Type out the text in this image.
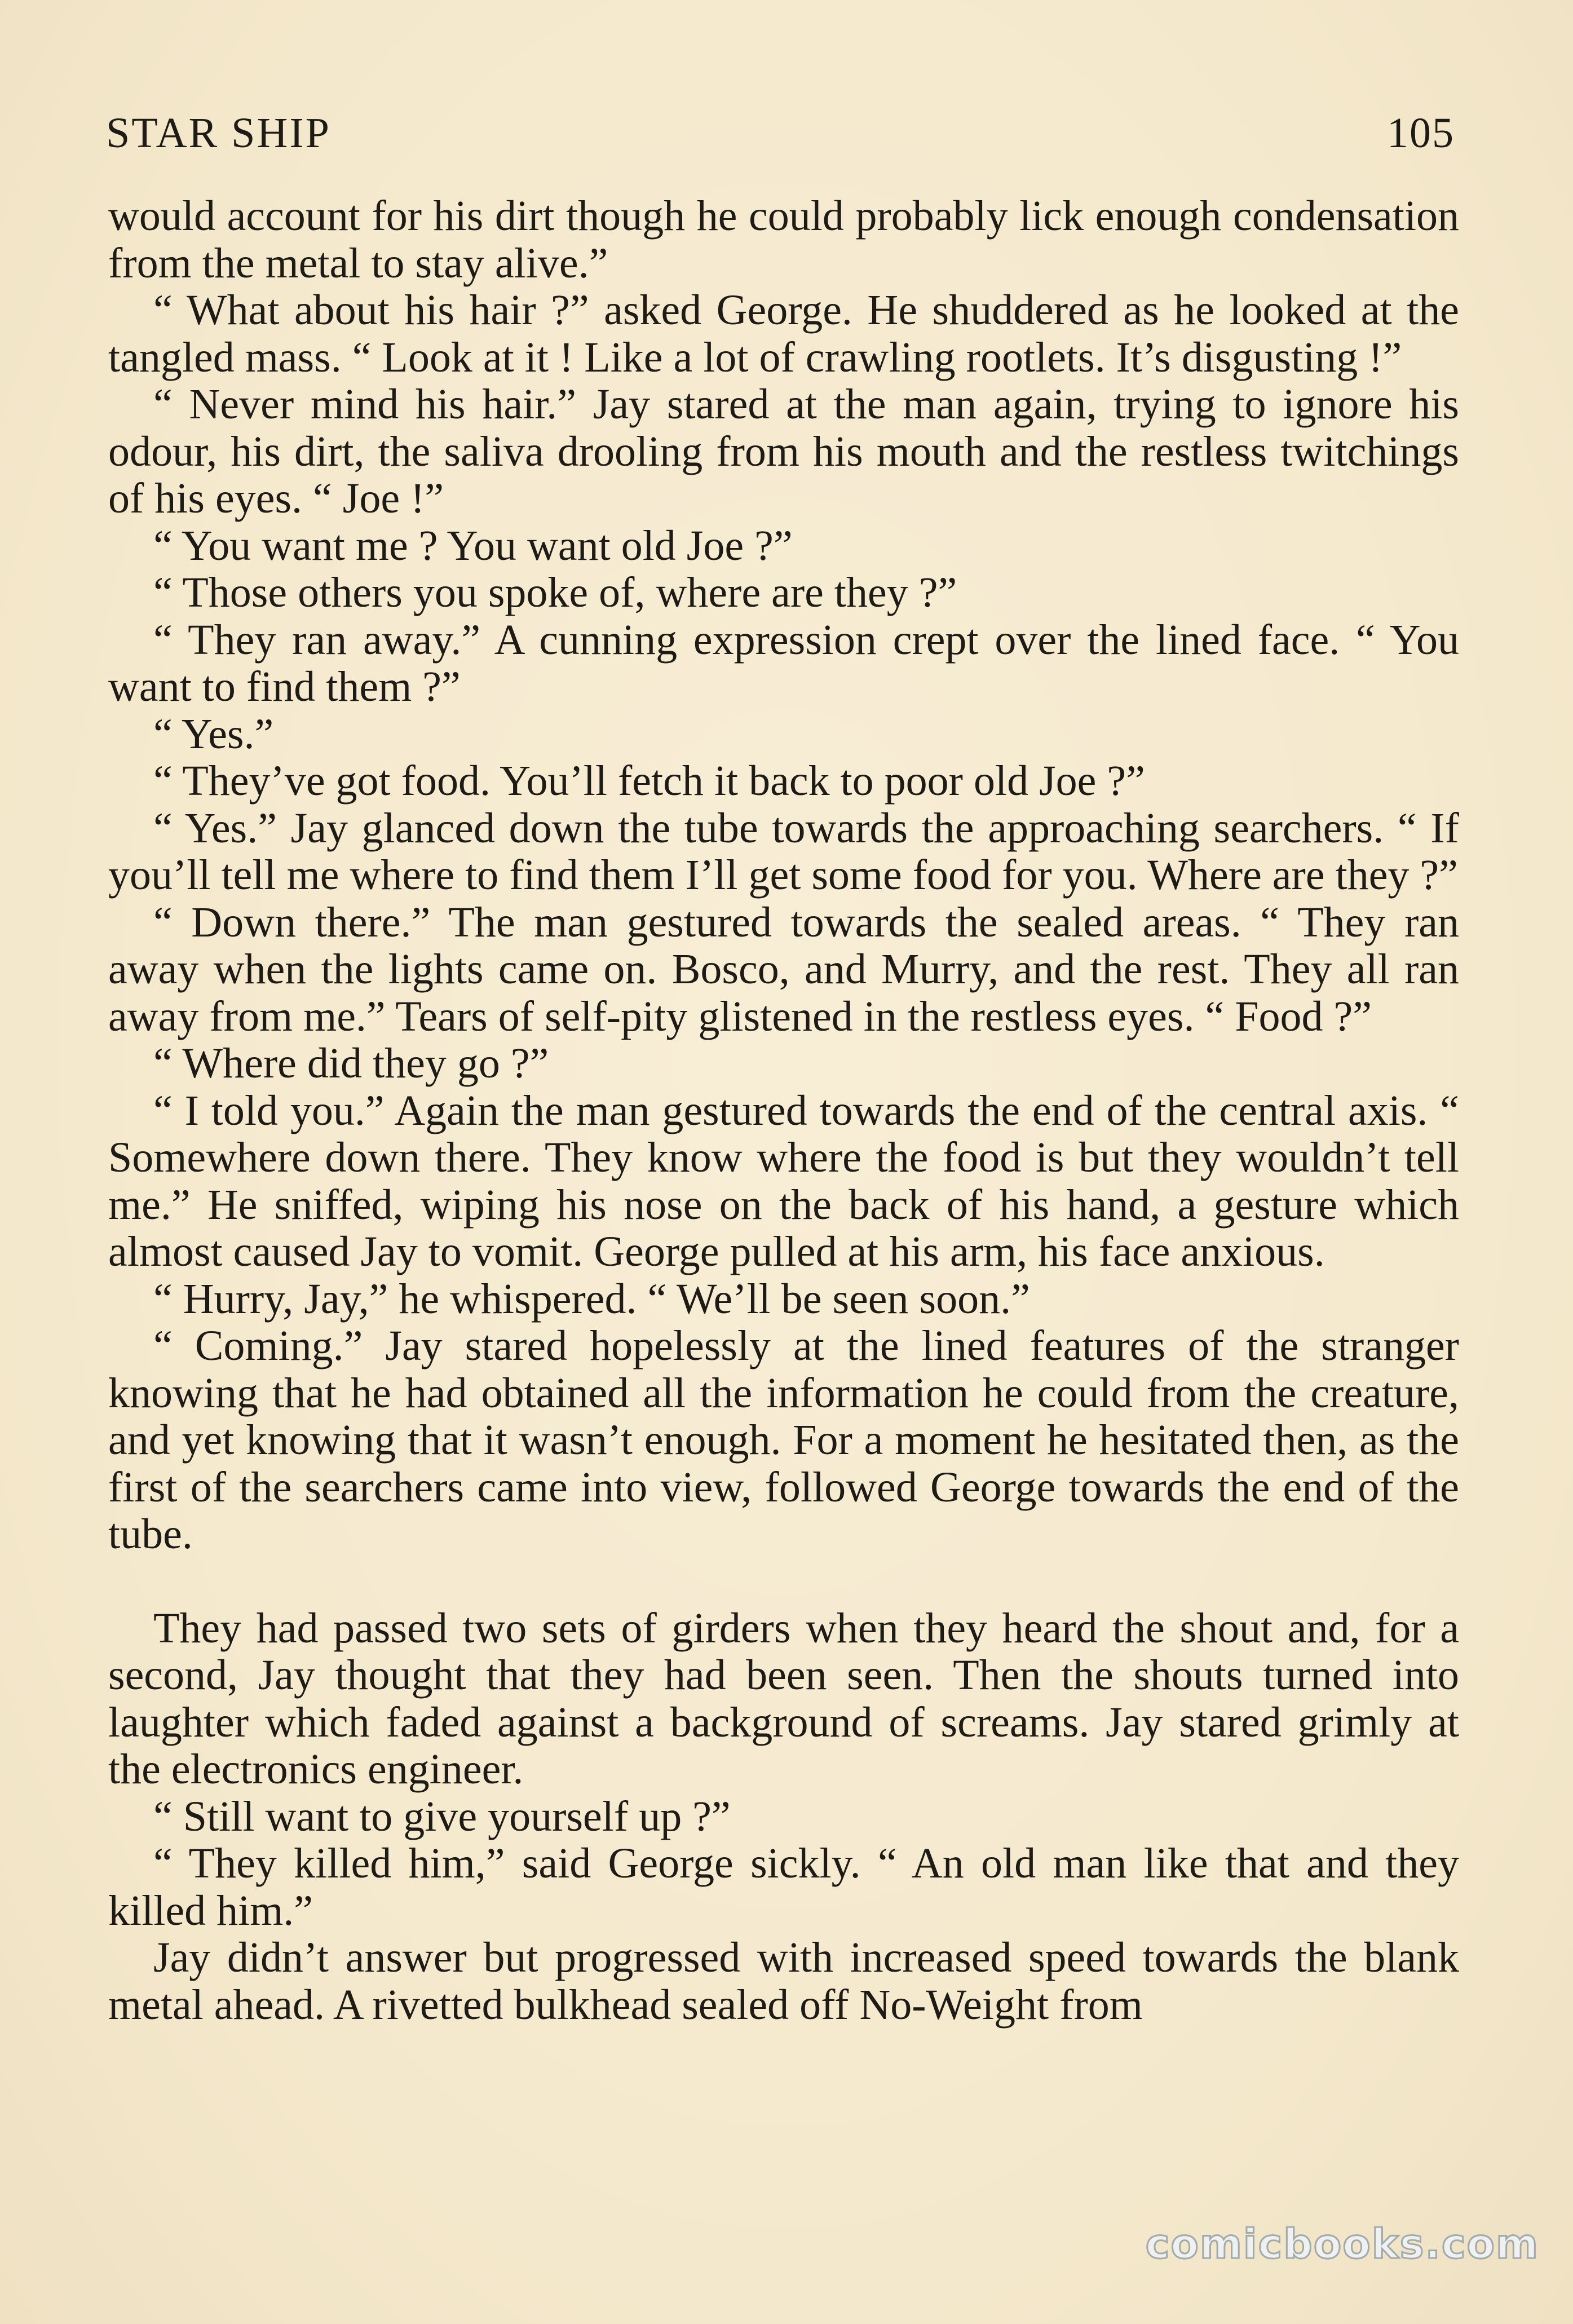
STAR SHIP	105

would account for his dirt though he could probably lick enough condensation from the metal to stay alive.”

“ What about his hair ?” asked George. He shuddered as he looked at the tangled mass. “ Look at it ! Like a lot of crawling rootlets. It’s disgusting !”

“ Never mind his hair.” Jay stared at the man again, trying to ignore his odour, his dirt, the saliva drooling from his mouth and the restless twitchings of his eyes. “ Joe !”

“ You want me ? You want old Joe ?”

“ Those others you spoke of, where are they ?”

“ They ran away.” A cunning expression crept over the lined face. “ You want to find them ?”

“ Yes.”

“ They’ve got food. You’ll fetch it back to poor old Joe ?”

“ Yes.” Jay glanced down the tube towards the approaching searchers. “ If you’ll tell me where to find them I’ll get some food for you. Where are they ?”

“ Down there.” The man gestured towards the sealed areas. “ They ran away when the lights came on. Bosco, and Murry, and the rest. They all ran away from me.” Tears of self-pity glistened in the restless eyes. “ Food ?”

“ Where did they go ?”

“ I told you.” Again the man gestured towards the end of the central axis. “ Somewhere down there. They know where the food is but they wouldn’t tell me.” He sniffed, wiping his nose on the back of his hand, a gesture which almost caused Jay to vomit. George pulled at his arm, his face anxious.

“ Hurry, Jay,” he whispered. “ We’ll be seen soon.”

“ Coming.” Jay stared hopelessly at the lined features of the stranger knowing that he had obtained all the information he could from the creature, and yet knowing that it wasn’t enough. For a moment he hesitated then, as the first of the searchers came into view, followed George towards the end of the tube.

They had passed two sets of girders when they heard the shout and, for a second, Jay thought that they had been seen. Then the shouts turned into laughter which faded against a background of screams. Jay stared grimly at the electronics engineer.

“ Still want to give yourself up ?”

“ They killed him,” said George sickly. “ An old man like that and they killed him.”

Jay didn’t answer but progressed with increased speed towards the blank metal ahead. A rivetted bulkhead sealed off No-Weight from

comicbooks.com
